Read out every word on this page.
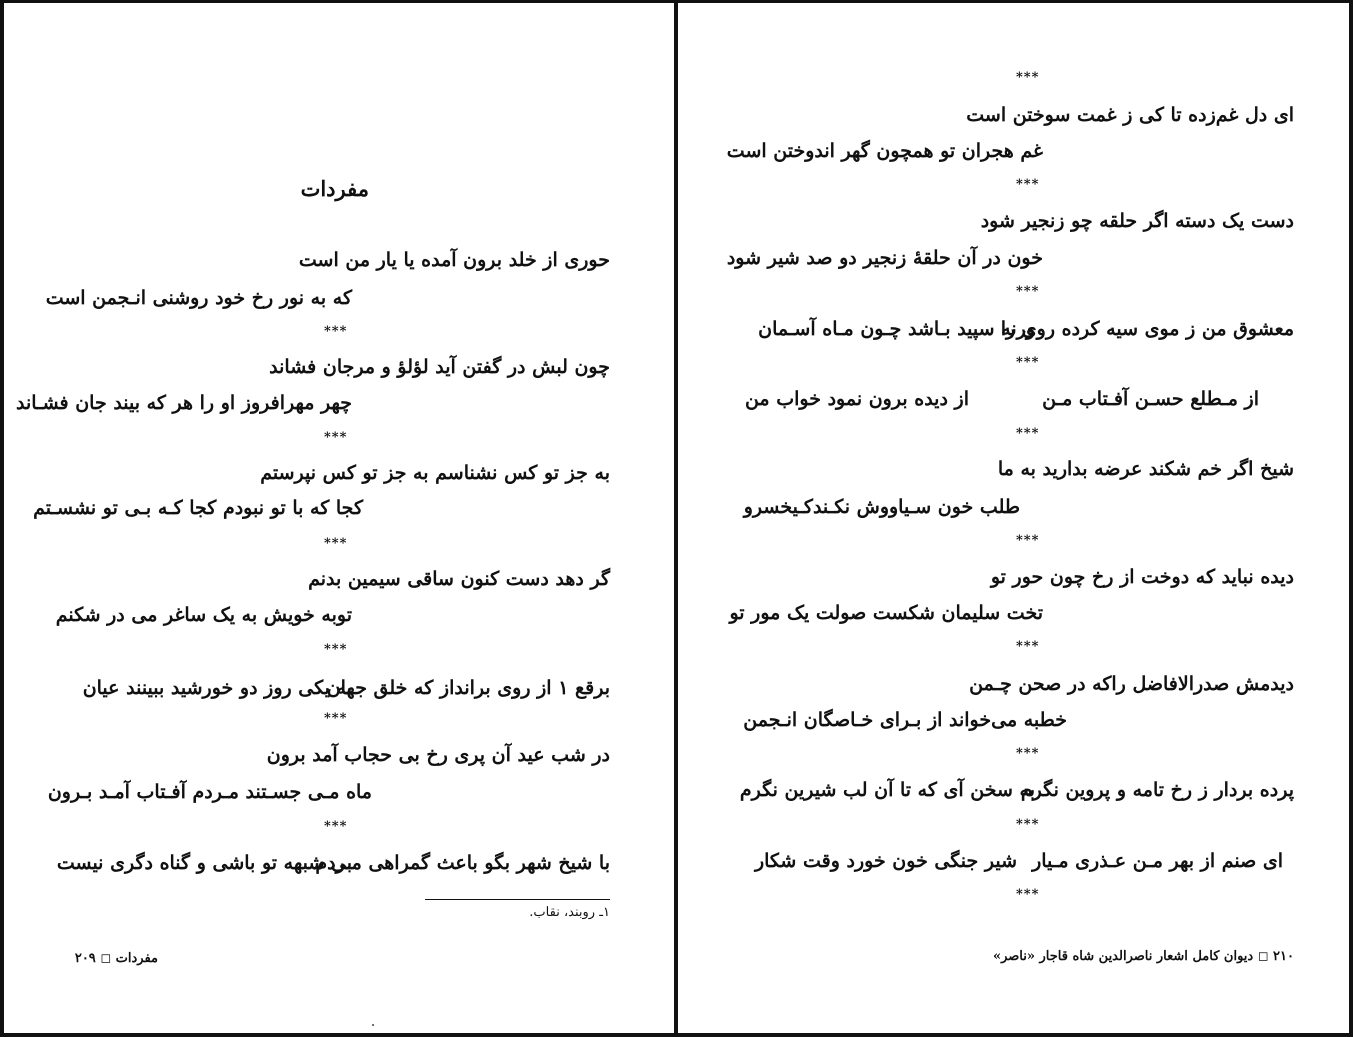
مفردات
حوری از خلد برون آمده یا یار من است
که به نور رخ خود روشنی انـجمن است
***
چون لبش در گفتن آید لؤلؤ و مرجان فشاند
چهر مهرافروز او را هر که بیند جان فشـاند
***
به جز تو کس نشناسم به جز تو کس نپرستم
کجا که با تو نبودم کجا کـه بـی تو نشسـتم
***
گر دهد دست کنون ساقی سیمین بدنم
توبه خویش به یک ساغر می در شکنم
***
برقع ۱ از روی برانداز که خلق جهان
به یکی روز دو خورشید ببینند عیان
***
در شب عید آن پری رخ بی حجاب آمد برون
ماه مـی جسـتند مـردم آفـتاب آمـد بـرون
***
با شیخ شهر بگو باعث گمراهی مـردم
بی شبهه تو باشی و گناه دگری نیست
۱ـ روبند، نقاب.
مفردات ◻ ۲۰۹
***
ای دل غم‌زده تا کی ز غمت سوختن است
غم هجران تو همچون گهر اندوختن است
***
دست یک دسته اگر حلقه چو زنجیر شود
خون در آن حلقهٔ زنجیر دو صد شیر شود
***
معشوق من ز موی سیه کرده روی را
ورنه سپید بـاشد چـون مـاه آسـمان
***
از مـطلع حسـن آفـتاب مـن
از دیده برون نمود خواب من
***
شیخ اگر خم شکند عرضه بدارید به ما
طلب خون سـیاووش نکـندکـیخسرو
***
دیده نباید که دوخت از رخ چون حور تو
تخت سلیمان شکست صولت یک مور تو
***
دیدمش صدرالافاضل راکه در صحن چـمن
خطبه می‌خواند از بـرای خـاصگان انـجمن
***
پرده بردار ز رخ تامه و پروین نگرم
به سخن آی که تا آن لب شیرین نگرم
***
ای صنم از بهر مـن عـذری مـیار
شیر جنگی خون خورد وقت شکار
***
۲۱۰ ◻ دیوان کامل اشعار ناصرالدین شاه قاجار «ناصر»
